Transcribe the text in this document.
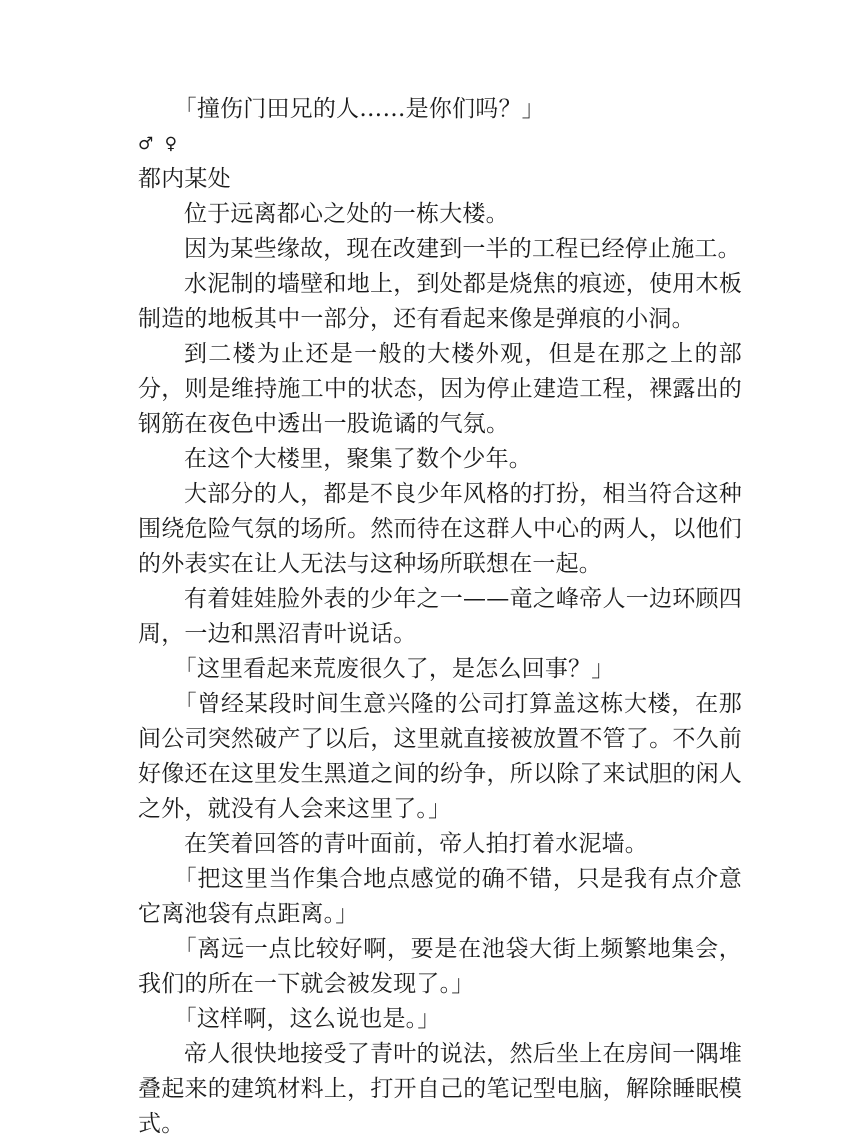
「撞伤门田兄的人……是你们吗？」

♂ ♀

都内某处

位于远离都心之处的一栋大楼。

因为某些缘故，现在改建到一半的工程已经停止施工。

水泥制的墙壁和地上，到处都是烧焦的痕迹，使用木板制造的地板其中一部分，还有看起来像是弹痕的小洞。

到二楼为止还是一般的大楼外观，但是在那之上的部分，则是维持施工中的状态，因为停止建造工程，裸露出的钢筋在夜色中透出一股诡谲的气氛。

在这个大楼里，聚集了数个少年。

大部分的人，都是不良少年风格的打扮，相当符合这种围绕危险气氛的场所。然而待在这群人中心的两人，以他们的外表实在让人无法与这种场所联想在一起。

有着娃娃脸外表的少年之一——竜之峰帝人一边环顾四周，一边和黑沼青叶说话。

「这里看起来荒废很久了，是怎么回事？」

「曾经某段时间生意兴隆的公司打算盖这栋大楼，在那间公司突然破产了以后，这里就直接被放置不管了。不久前好像还在这里发生黑道之间的纷争，所以除了来试胆的闲人之外，就没有人会来这里了。」

在笑着回答的青叶面前，帝人拍打着水泥墙。

「把这里当作集合地点感觉的确不错，只是我有点介意它离池袋有点距离。」

「离远一点比较好啊，要是在池袋大街上频繁地集会，我们的所在一下就会被发现了。」

「这样啊，这么说也是。」

帝人很快地接受了青叶的说法，然后坐上在房间一隅堆叠起来的建筑材料上，打开自己的笔记型电脑，解除睡眠模式。
